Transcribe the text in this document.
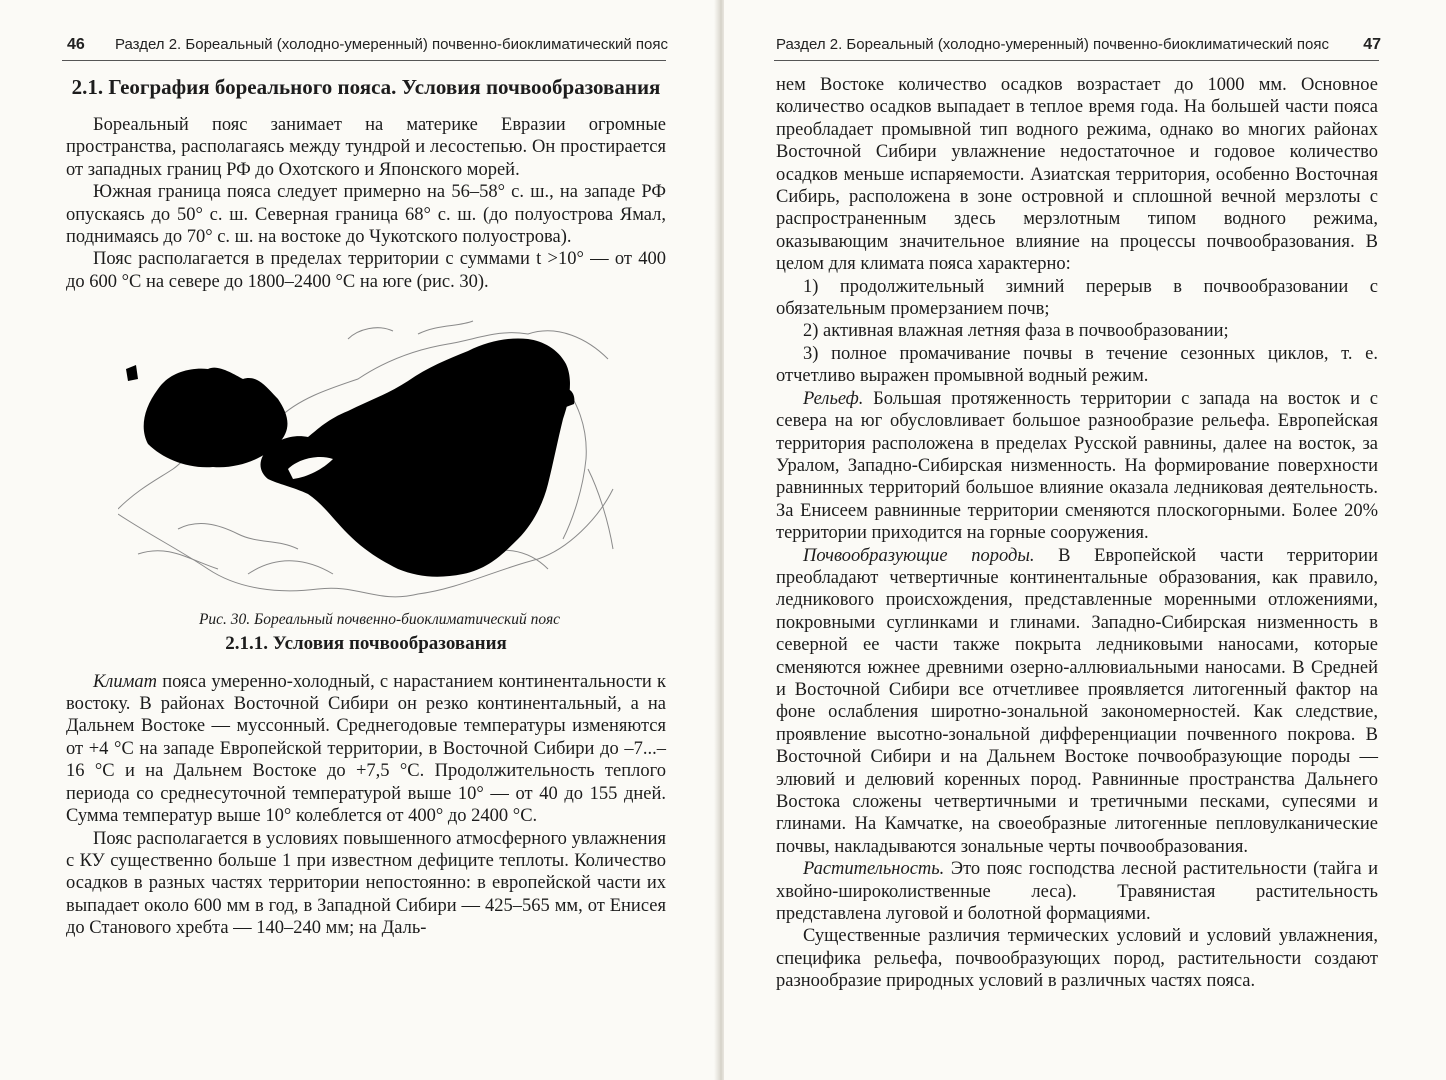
46 Раздел 2. Бореальный (холодно-умеренный) почвенно-биоклиматический пояс
2.1. География бореального пояса. Условия почвообразования

Бореальный пояс занимает на материке Евразии огромные пространства, располагаясь между тундрой и лесостепью. Он простирается от западных границ РФ до Охотского и Японского морей.

Южная граница пояса следует примерно на 56–58° с. ш., на западе РФ опускаясь до 50° с. ш. Северная граница 68° с. ш. (до полуострова Ямал, поднимаясь до 70° с. ш. на востоке до Чукотского полуострова).

Пояс располагается в пределах территории с суммами t >10° — от 400 до 600 °С на севере до 1800–2400 °С на юге (рис. 30).

Рис. 30. Бореальный почвенно-биоклиматический пояс

2.1.1. Условия почвообразования

Климат пояса умеренно-холодный, с нарастанием континентальности к востоку. В районах Восточной Сибири он резко континентальный, а на Дальнем Востоке — муссонный. Среднегодовые температуры изменяются от +4 °С на западе Европейской территории, в Восточной Сибири до –7...–16 °С и на Дальнем Востоке до +7,5 °С. Продолжительность теплого периода со среднесуточной температурой выше 10° — от 40 до 155 дней. Сумма температур выше 10° колеблется от 400° до 2400 °С.

Пояс располагается в условиях повышенного атмосферного увлажнения с КУ существенно больше 1 при известном дефиците теплоты. Количество осадков в разных частях территории непостоянно: в европейской части их выпадает около 600 мм в год, в Западной Сибири — 425–565 мм, от Енисея до Станового хребта — 140–240 мм; на Даль-

Раздел 2. Бореальный (холодно-умеренный) почвенно-биоклиматический пояс 47

нем Востоке количество осадков возрастает до 1000 мм. Основное количество осадков выпадает в теплое время года. На большей части пояса преобладает промывной тип водного режима, однако во многих районах Восточной Сибири увлажнение недостаточное и годовое количество осадков меньше испаряемости. Азиатская территория, особенно Восточная Сибирь, расположена в зоне островной и сплошной вечной мерзлоты с распространенным здесь мерзлотным типом водного режима, оказывающим значительное влияние на процессы почвообразования. В целом для климата пояса характерно:

1) продолжительный зимний перерыв в почвообразовании с обязательным промерзанием почв;

2) активная влажная летняя фаза в почвообразовании;

3) полное промачивание почвы в течение сезонных циклов, т. е. отчетливо выражен промывной водный режим.

Рельеф. Большая протяженность территории с запада на восток и с севера на юг обусловливает большое разнообразие рельефа. Европейская территория расположена в пределах Русской равнины, далее на восток, за Уралом, Западно-Сибирская низменность. На формирование поверхности равнинных территорий большое влияние оказала ледниковая деятельность. За Енисеем равнинные территории сменяются плоскогорными. Более 20% территории приходится на горные сооружения.

Почвообразующие породы. В Европейской части территории преобладают четвертичные континентальные образования, как правило, ледникового происхождения, представленные моренными отложениями, покровными суглинками и глинами. Западно-Сибирская низменность в северной ее части также покрыта ледниковыми наносами, которые сменяются южнее древними озерно-аллювиальными наносами. В Средней и Восточной Сибири все отчетливее проявляется литогенный фактор на фоне ослабления широтно-зональной закономерностей. Как следствие, проявление высотно-зональной дифференциации почвенного покрова. В Восточной Сибири и на Дальнем Востоке почвообразующие породы — элювий и делювий коренных пород. Равнинные пространства Дальнего Востока сложены четвертичными и третичными песками, супесями и глинами. На Камчатке, на своеобразные литогенные пепловулканические почвы, накладываются зональные черты почвообразования.

Растительность. Это пояс господства лесной растительности (тайга и хвойно-широколиственные леса). Травянистая растительность представлена луговой и болотной формациями.

Существенные различия термических условий и условий увлажнения, специфика рельефа, почвообразующих пород, растительности создают разнообразие природных условий в различных частях пояса.
